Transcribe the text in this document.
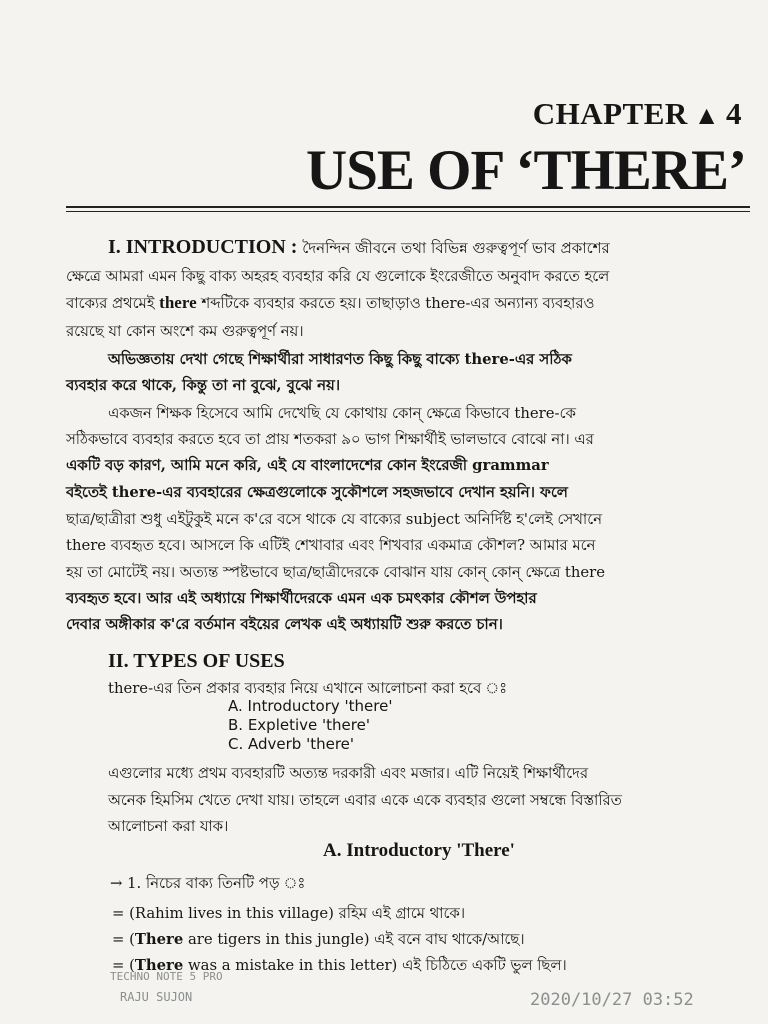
CHAPTER ▲ 4
USE OF ‘THERE’
I. INTRODUCTION : দৈনন্দিন জীবনে তথা বিভিন্ন গুরুত্বপূর্ণ ভাব প্রকাশের
ক্ষেত্রে আমরা এমন কিছু বাক্য অহরহ ব্যবহার করি যে গুলোকে ইংরেজীতে অনুবাদ করতে হলে
বাক্যের প্রথমেই there শব্দটিকে ব্যবহার করতে হয়। তাছাড়াও there-এর অন্যান্য ব্যবহারও
রয়েছে যা কোন অংশে কম গুরুত্বপূর্ণ নয়।
অভিজ্ঞতায় দেখা গেছে শিক্ষার্থীরা সাধারণত কিছু কিছু বাক্যে there-এর সঠিক
ব্যবহার করে থাকে, কিন্তু তা না বুঝে, বুঝে নয়।
একজন শিক্ষক হিসেবে আমি দেখেছি যে কোথায় কোন্ ক্ষেত্রে কিভাবে there-কে
সঠিকভাবে ব্যবহার করতে হবে তা প্রায় শতকরা ৯০ ভাগ শিক্ষার্থীই ভালভাবে বোঝে না। এর
একটি বড় কারণ, আমি মনে করি, এই যে বাংলাদেশের কোন ইংরেজী grammar
বইতেই there-এর ব্যবহারের ক্ষেত্রগুলোকে সুকৌশলে সহজভাবে দেখান হয়নি। ফলে
ছাত্র/ছাত্রীরা শুধু এইটুকুই মনে ক'রে বসে থাকে যে বাক্যের subject অনির্দিষ্ট হ'লেই সেখানে
there ব্যবহৃত হবে। আসলে কি এটিই শেখাবার এবং শিখবার একমাত্র কৌশল? আমার মনে
হয় তা মোটেই নয়। অত্যন্ত স্পষ্টভাবে ছাত্র/ছাত্রীদেরকে বোঝান যায় কোন্ কোন্ ক্ষেত্রে there
ব্যবহৃত হবে। আর এই অধ্যায়ে শিক্ষার্থীদেরকে এমন এক চমৎকার কৌশল উপহার
দেবার অঙ্গীকার ক'রে বর্তমান বইয়ের লেখক এই অধ্যায়টি শুরু করতে চান।
II. TYPES OF USES
there-এর তিন প্রকার ব্যবহার নিয়ে এখানে আলোচনা করা হবে ঃ
A. Introductory 'there'
B. Expletive 'there'
C. Adverb 'there'
এগুলোর মধ্যে প্রথম ব্যবহারটি অত্যন্ত দরকারী এবং মজার। এটি নিয়েই শিক্ষার্থীদের
অনেক হিমসিম খেতে দেখা যায়। তাহলে এবার একে একে ব্যবহার গুলো সম্বন্ধে বিস্তারিত
আলোচনা করা যাক।
A. Introductory 'There'
→ 1. নিচের বাক্য তিনটি পড় ঃ
= (Rahim lives in this village) রহিম এই গ্রামে থাকে।
= (There are tigers in this jungle) এই বনে বাঘ থাকে/আছে।
= (There was a mistake in this letter) এই চিঠিতে একটি ভুল ছিল।
TECHNO NOTE 5 PRO
RAJU SUJON	2020/10/27 03:52
